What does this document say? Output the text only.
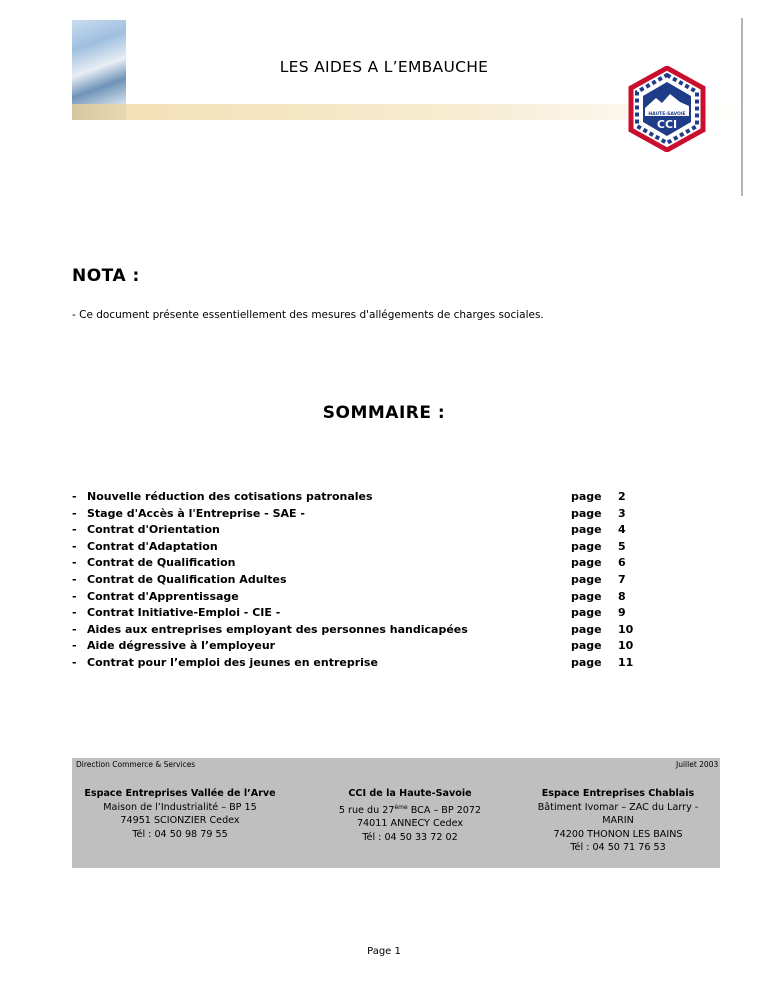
LES AIDES A L’EMBAUCHE
HAUTE-SAVOIE
CCI
NOTA :
- Ce document présente essentiellement des mesures d'allégements de charges sociales.
SOMMAIRE :
- Nouvelle réduction des cotisations patronales	page 2
- Stage d'Accès à l'Entreprise - SAE -	page 3
- Contrat d'Orientation	page 4
- Contrat d'Adaptation	page 5
- Contrat de Qualification	page 6
- Contrat de Qualification Adultes	page 7
- Contrat d'Apprentissage	page 8
- Contrat Initiative-Emploi - CIE -	page 9
- Aides aux entreprises employant des personnes handicapées	page 10
- Aide dégressive à l’employeur	page 10
- Contrat pour l’emploi des jeunes en entreprise	page 11
Direction Commerce & Services	Juillet 2003
Espace Entreprises Vallée de l’Arve
Maison de l’Industrialité – BP 15
74951 SCIONZIER Cedex
Tél : 04 50 98 79 55
CCI de la Haute-Savoie
5 rue du 27ème BCA – BP 2072
74011 ANNECY Cedex
Tél : 04 50 33 72 02
Espace Entreprises Chablais
Bâtiment Ivomar – ZAC du Larry -
MARIN
74200 THONON LES BAINS
Tél : 04 50 71 76 53
Page 1
